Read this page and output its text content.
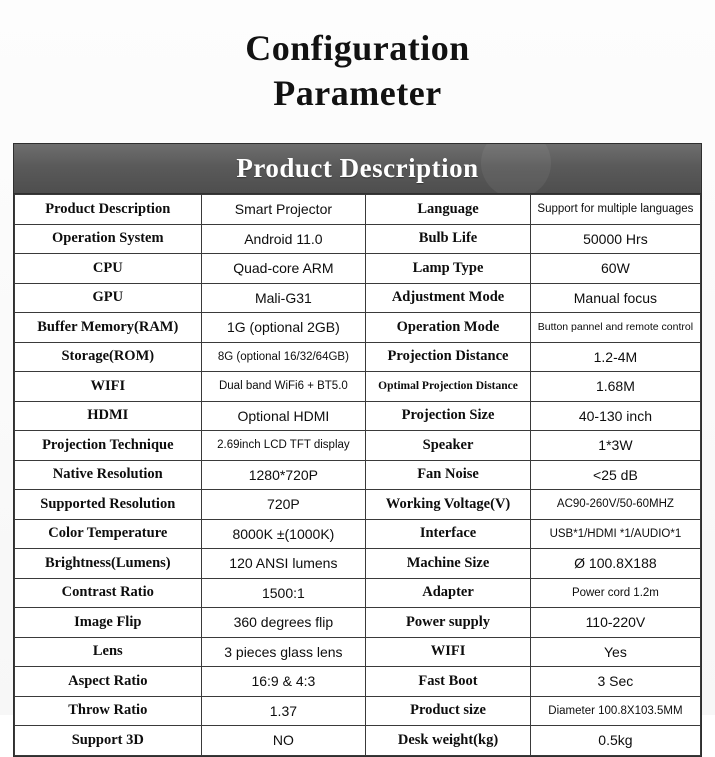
Configuration
Parameter
Product Description
Product Description	Smart Projector	Language	Support for multiple languages
Operation System	Android 11.0	Bulb Life	50000 Hrs
CPU	Quad-core ARM	Lamp Type	60W
GPU	Mali-G31	Adjustment Mode	Manual focus
Buffer Memory(RAM)	1G (optional 2GB)	Operation Mode	Button pannel and remote control
Storage(ROM)	8G (optional 16/32/64GB)	Projection Distance	1.2-4M
WIFI	Dual band WiFi6 + BT5.0	Optimal Projection Distance	1.68M
HDMI	Optional HDMI	Projection Size	40-130 inch
Projection Technique	2.69inch LCD TFT display	Speaker	1*3W
Native Resolution	1280*720P	Fan Noise	<25 dB
Supported Resolution	720P	Working Voltage(V)	AC90-260V/50-60MHZ
Color Temperature	8000K ±(1000K)	Interface	USB*1/HDMI *1/AUDIO*1
Brightness(Lumens)	120 ANSI lumens	Machine Size	Ø 100.8X188
Contrast Ratio	1500:1	Adapter	Power cord 1.2m
Image Flip	360 degrees flip	Power supply	110-220V
Lens	3 pieces glass lens	WIFI	Yes
Aspect Ratio	16:9 & 4:3	Fast Boot	3 Sec
Throw Ratio	1.37	Product size	Diameter 100.8X103.5MM
Support 3D	NO	Desk weight(kg)	0.5kg
